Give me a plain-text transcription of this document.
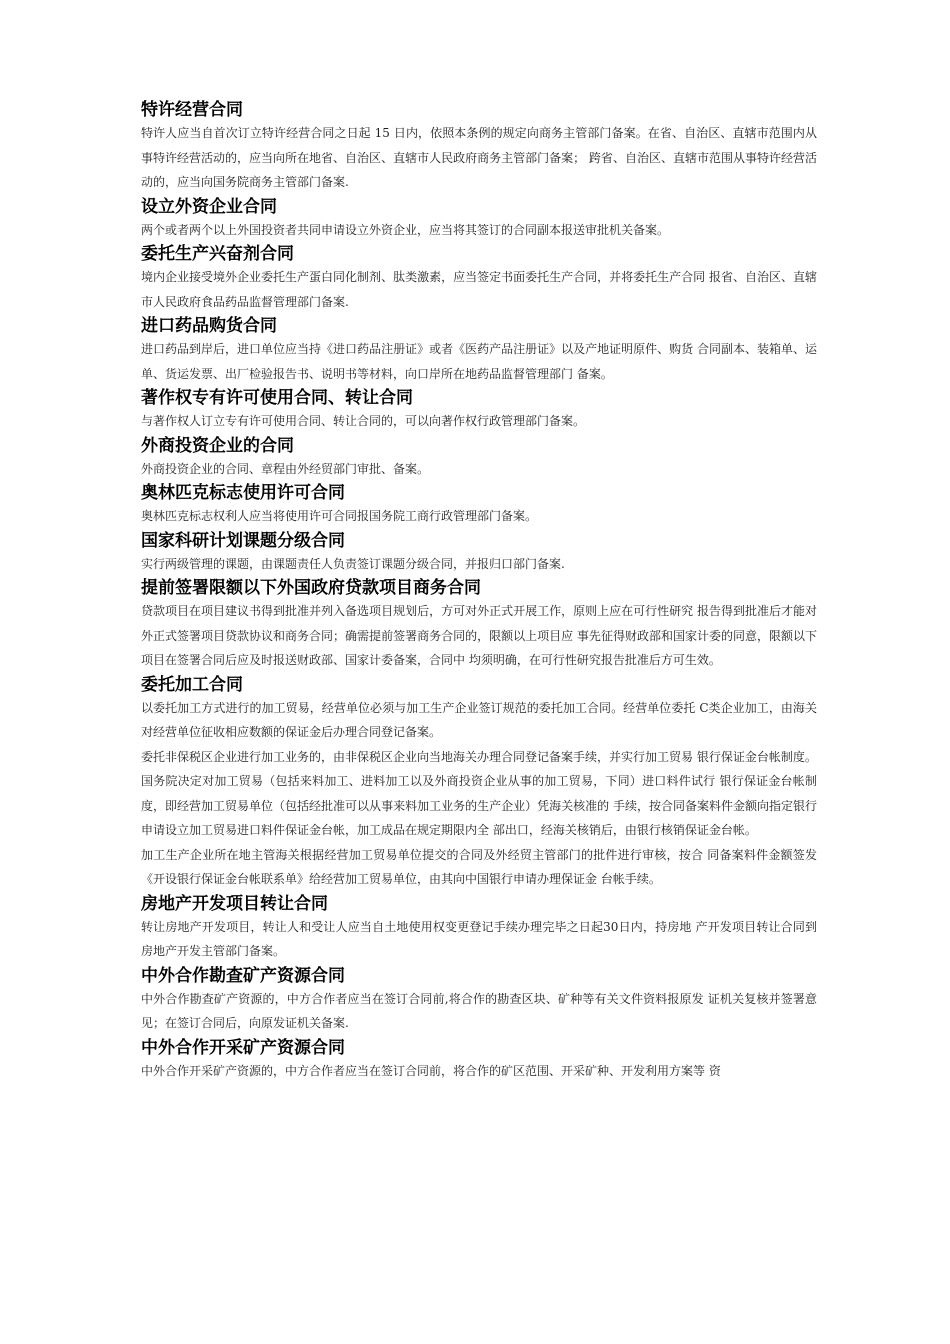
特许经营合同

特许人应当自首次订立特许经营合同之日起 15 日内，依照本条例的规定向商务主管部门备案。在省、自治区、直辖市范围内从事特许经营活动的，应当向所在地省、自治区、直辖市人民政府商务主管部门备案； 跨省、自治区、直辖市范围从事特许经营活动的，应当向国务院商务主管部门备案.

设立外资企业合同

两个或者两个以上外国投资者共同申请设立外资企业，应当将其签订的合同副本报送审批机关备案。

委托生产兴奋剂合同

境内企业接受境外企业委托生产蛋白同化制剂、肽类激素，应当签定书面委托生产合同，并将委托生产合同 报省、自治区、直辖市人民政府食品药品监督管理部门备案.

进口药品购货合同

进口药品到岸后，进口单位应当持《进口药品注册证》或者《医药产品注册证》以及产地证明原件、购货 合同副本、装箱单、运单、货运发票、出厂检验报告书、说明书等材料，向口岸所在地药品监督管理部门 备案。

著作权专有许可使用合同、转让合同

与著作权人订立专有许可使用合同、转让合同的，可以向著作权行政管理部门备案。

外商投资企业的合同

外商投资企业的合同、章程由外经贸部门审批、备案。

奥林匹克标志使用许可合同

奥林匹克标志权利人应当将使用许可合同报国务院工商行政管理部门备案。

国家科研计划课题分级合同

实行两级管理的课题，由课题责任人负责签订课题分级合同，并报归口部门备案.

提前签署限额以下外国政府贷款项目商务合同

贷款项目在项目建议书得到批准并列入备选项目规划后，方可对外正式开展工作，原则上应在可行性研究 报告得到批准后才能对外正式签署项目贷款协议和商务合同；确需提前签署商务合同的，限额以上项目应 事先征得财政部和国家计委的同意，限额以下项目在签署合同后应及时报送财政部、国家计委备案，合同中 均须明确，在可行性研究报告批准后方可生效。

委托加工合同

以委托加工方式进行的加工贸易，经营单位必须与加工生产企业签订规范的委托加工合同。经营单位委托 C类企业加工，由海关对经营单位征收相应数额的保证金后办理合同登记备案。

委托非保税区企业进行加工业务的，由非保税区企业向当地海关办理合同登记备案手续，并实行加工贸易 银行保证金台帐制度。

国务院决定对加工贸易（包括来料加工、进料加工以及外商投资企业从事的加工贸易，下同）进口料件试行 银行保证金台帐制度，即经营加工贸易单位（包括经批准可以从事来料加工业务的生产企业）凭海关核准的 手续，按合同备案料件金额向指定银行申请设立加工贸易进口料件保证金台帐，加工成品在规定期限内全 部出口，经海关核销后，由银行核销保证金台帐。

加工生产企业所在地主管海关根据经营加工贸易单位提交的合同及外经贸主管部门的批件进行审核，按合 同备案料件金额签发《开设银行保证金台帐联系单》给经营加工贸易单位，由其向中国银行申请办理保证金 台帐手续。

房地产开发项目转让合同

转让房地产开发项目，转让人和受让人应当自土地使用权变更登记手续办理完毕之日起30日内，持房地 产开发项目转让合同到房地产开发主管部门备案。

中外合作勘查矿产资源合同

中外合作勘查矿产资源的，中方合作者应当在签订合同前,将合作的勘查区块、矿种等有关文件资料报原发 证机关复核并签署意见；在签订合同后，向原发证机关备案.

中外合作开采矿产资源合同

中外合作开采矿产资源的，中方合作者应当在签订合同前，将合作的矿区范围、开采矿种、开发利用方案等 资
